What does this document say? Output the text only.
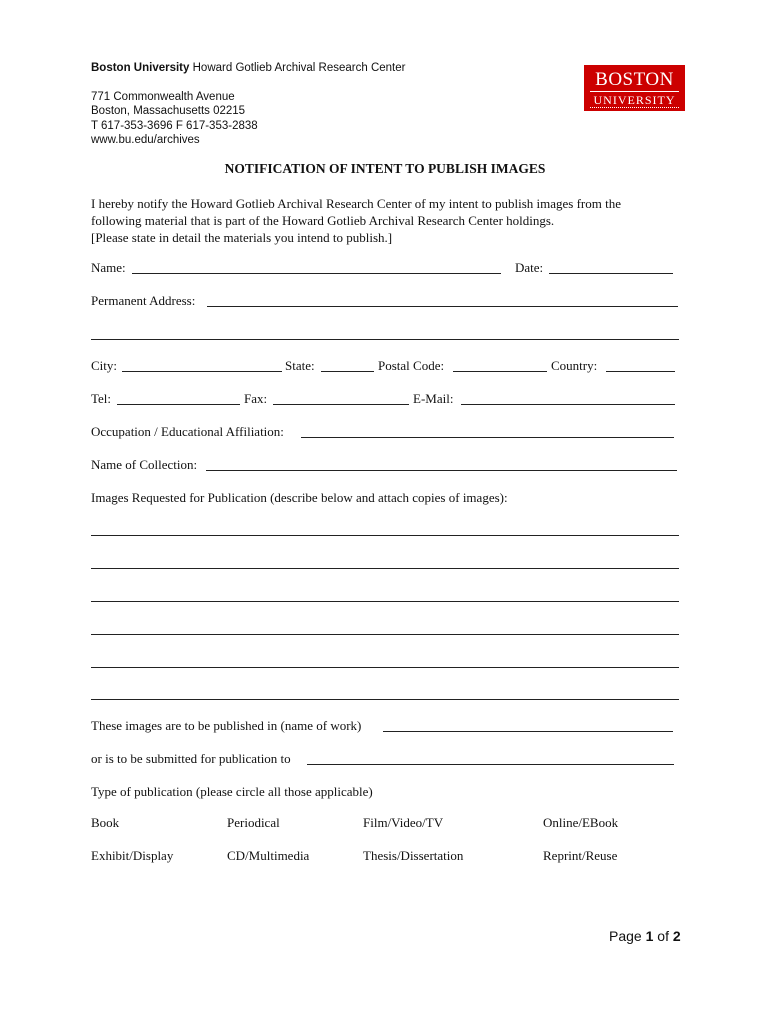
Boston University Howard Gotlieb Archival Research Center
771 Commonwealth Avenue
Boston, Massachusetts 02215
T 617-353-3696 F 617-353-2838
www.bu.edu/archives
BOSTON
UNIVERSITY
NOTIFICATION OF INTENT TO PUBLISH IMAGES
I hereby notify the Howard Gotlieb Archival Research Center of my intent to publish images from the
following material that is part of the Howard Gotlieb Archival Research Center holdings.
[Please state in detail the materials you intend to publish.]
Name:	Date:
Permanent Address:
City:	State:	Postal Code:	Country:
Tel:	Fax:	E-Mail:
Occupation / Educational Affiliation:
Name of Collection:
Images Requested for Publication (describe below and attach copies of images):
These images are to be published in (name of work)
or is to be submitted for publication to
Type of publication (please circle all those applicable)
Book	Periodical	Film/Video/TV	Online/EBook
Exhibit/Display	CD/Multimedia	Thesis/Dissertation	Reprint/Reuse
Page 1 of 2
